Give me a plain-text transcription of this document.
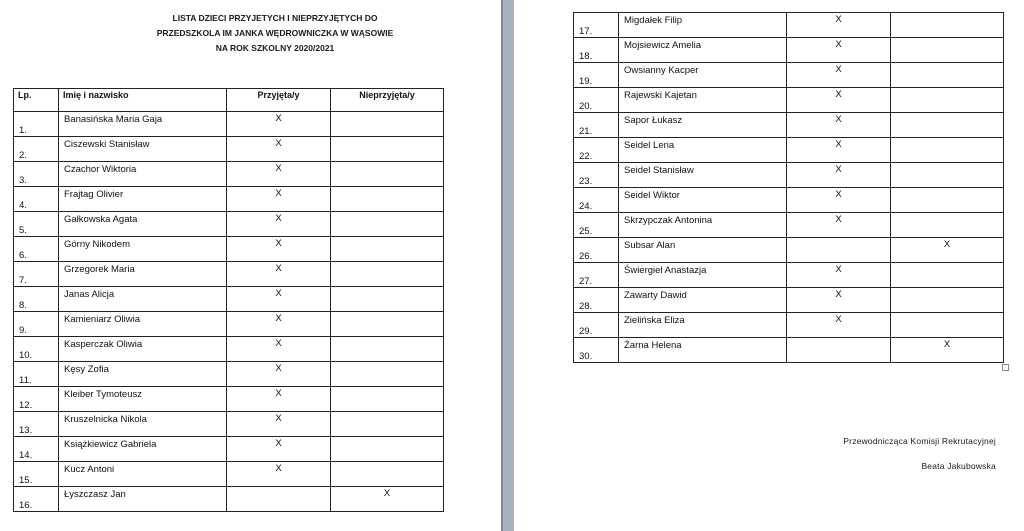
LISTA DZIECI PRZYJETYCH I NIEPRZYJĘTYCH DO
PRZEDSZKOLA IM JANKA WĘDROWNICZKA W WĄSOWIE
NA ROK SZKOLNY 2020/2021
Lp.	Imię i nazwisko	Przyjęta/y	Nieprzyjęta/y
1.	Banasińska Maria Gaja	X	
2.	Ciszewski Stanisław	X	
3.	Czachor Wiktoria	X	
4.	Frajtag Olivier	X	
5.	Gałkowska Agata	X	
6.	Górny Nikodem	X	
7.	Grzegorek Maria	X	
8.	Janas Alicja	X	
9.	Kamieniarz Oliwia	X	
10.	Kasperczak Oliwia	X	
11.	Kęsy Zofia	X	
12.	Kleiber Tymoteusz	X	
13.	Kruszelnicka Nikola	X	
14.	Książkiewicz Gabriela	X	
15.	Kucz Antoni	X	
16.	Łyszczasz Jan		X
17.	Migdałek Filip	X	
18.	Mojsiewicz Amelia	X	
19.	Owsianny Kacper	X	
20.	Rajewski Kajetan	X	
21.	Sapor Łukasz	X	
22.	Seidel Lena	X	
23.	Seidel Stanisław	X	
24.	Seidel Wiktor	X	
25.	Skrzypczak Antonina	X	
26.	Subsar Alan		X
27.	Świergiel Anastazja	X	
28.	Zawarty Dawid	X	
29.	Zielińska Eliza	X	
30.	Żarna Helena		X
Przewodnicząca Komisji Rekrutacyjnej
Beata Jakubowska
